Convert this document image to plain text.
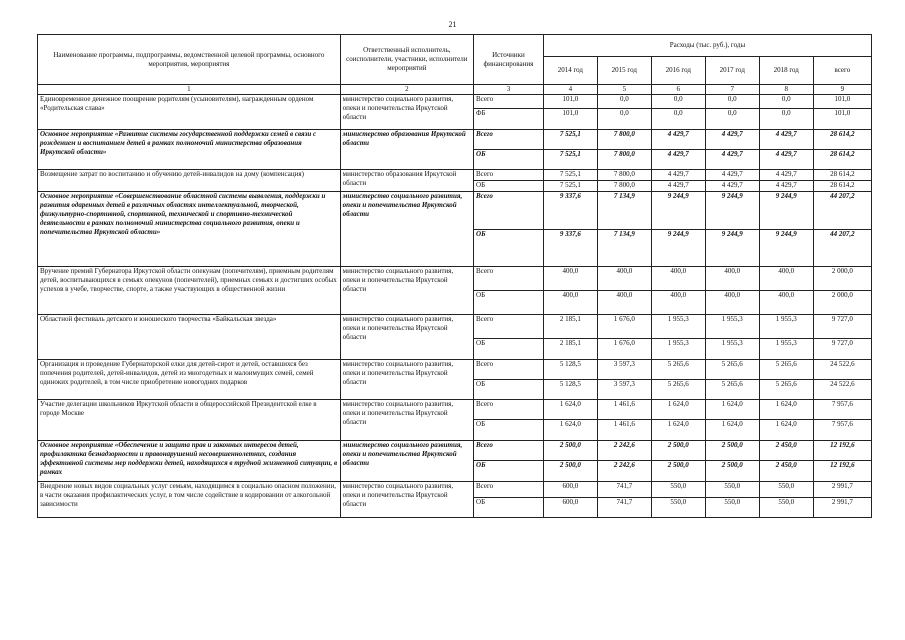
21
Наименование программы, подпрограммы, ведомственной целевой программы, основного мероприятия, мероприятия	Ответственный исполнитель, соисполнители, участники, исполнители мероприятий	Источники финансирования	Расходы (тыс. руб.), годы					
			2014 год	2015 год	2016 год	2017 год	2018 год	всего
1	2	3	4	5	6	7	8	9
Единовременное денежное поощрение родителям (усыновителям), награжденным орденом «Родительская слава»	министерство социального развития, опеки и попечительства Иркутской области	Всего	101,0	0,0	0,0	0,0	0,0	101,0
		ФБ	101,0	0,0	0,0	0,0	0,0	101,0
Основное мероприятие «Развитие системы государственной поддержки семей в связи с рождением и воспитанием детей в рамках полномочий министерства образования Иркутской области»	министерство образования Иркутской области	Всего	7 525,1	7 800,0	4 429,7	4 429,7	4 429,7	28 614,2
		ОБ	7 525,1	7 800,0	4 429,7	4 429,7	4 429,7	28 614,2
Возмещение затрат по воспитанию и обучению детей-инвалидов на дому (компенсация)	министерство образования Иркутской области	Всего	7 525,1	7 800,0	4 429,7	4 429,7	4 429,7	28 614,2
		ОБ	7 525,1	7 800,0	4 429,7	4 429,7	4 429,7	28 614,2
Основное мероприятие «Совершенствование областной системы выявления, поддержки и развития одаренных детей в различных областях интеллектуальной, творческой, физкультурно-спортивной, спортивной, технической и спортивно-технической деятельности в рамках полномочий министерства социального развития, опеки и попечительства Иркутской области»	министерство социального развития, опеки и попечительства Иркутской области	Всего	9 337,6	7 134,9	9 244,9	9 244,9	9 244,9	44 207,2
		ОБ	9 337,6	7 134,9	9 244,9	9 244,9	9 244,9	44 207,2
Вручение премий Губернатора Иркутской области опекунам (попечителям), приемным родителям детей, воспитывающихся в семьях опекунов (попечителей), приемных семьях и достигших особых успехов в учебе, творчестве, спорте, а также участвующих в общественной жизни	министерство социального развития, опеки и попечительства Иркутской области	Всего	400,0	400,0	400,0	400,0	400,0	2 000,0
		ОБ	400,0	400,0	400,0	400,0	400,0	2 000,0
Областной фестиваль детского и юношеского творчества «Байкальская звезда»	министерство социального развития, опеки и попечительства Иркутской области	Всего	2 185,1	1 676,0	1 955,3	1 955,3	1 955,3	9 727,0
		ОБ	2 185,1	1 676,0	1 955,3	1 955,3	1 955,3	9 727,0
Организация и проведение Губернаторской елки для детей-сирот и детей, оставшихся без попечения родителей, детей-инвалидов, детей из многодетных и малоимущих семей, семей одиноких родителей, в том числе приобретение новогодних подарков	министерство социального развития, опеки и попечительства Иркутской области	Всего	5 128,5	3 597,3	5 265,6	5 265,6	5 265,6	24 522,6
		ОБ	5 128,5	3 597,3	5 265,6	5 265,6	5 265,6	24 522,6
Участие делегации школьников Иркутской области в общероссийской Президентской елке в городе Москве	министерство социального развития, опеки и попечительства Иркутской области	Всего	1 624,0	1 461,6	1 624,0	1 624,0	1 624,0	7 957,6
		ОБ	1 624,0	1 461,6	1 624,0	1 624,0	1 624,0	7 957,6
Основное мероприятие «Обеспечение и защита прав и законных интересов детей, профилактика безнадзорности и правонарушений несовершеннолетних, создания эффективной системы мер поддержки детей, находящихся в трудной жизненной ситуации, в рамках	министерство социального развития, опеки и попечительства Иркутской области	Всего	2 500,0	2 242,6	2 500,0	2 500,0	2 450,0	12 192,6
		ОБ	2 500,0	2 242,6	2 500,0	2 500,0	2 450,0	12 192,6
Внедрение новых видов социальных услуг семьям, находящимся в социально опасном положении, в части оказания профилактических услуг, в том числе содействие в кодировании от алкогольной зависимости	министерство социального развития, опеки и попечительства Иркутской области	Всего	600,0	741,7	550,0	550,0	550,0	2 991,7
		ОБ	600,0	741,7	550,0	550,0	550,0	2 991,7
